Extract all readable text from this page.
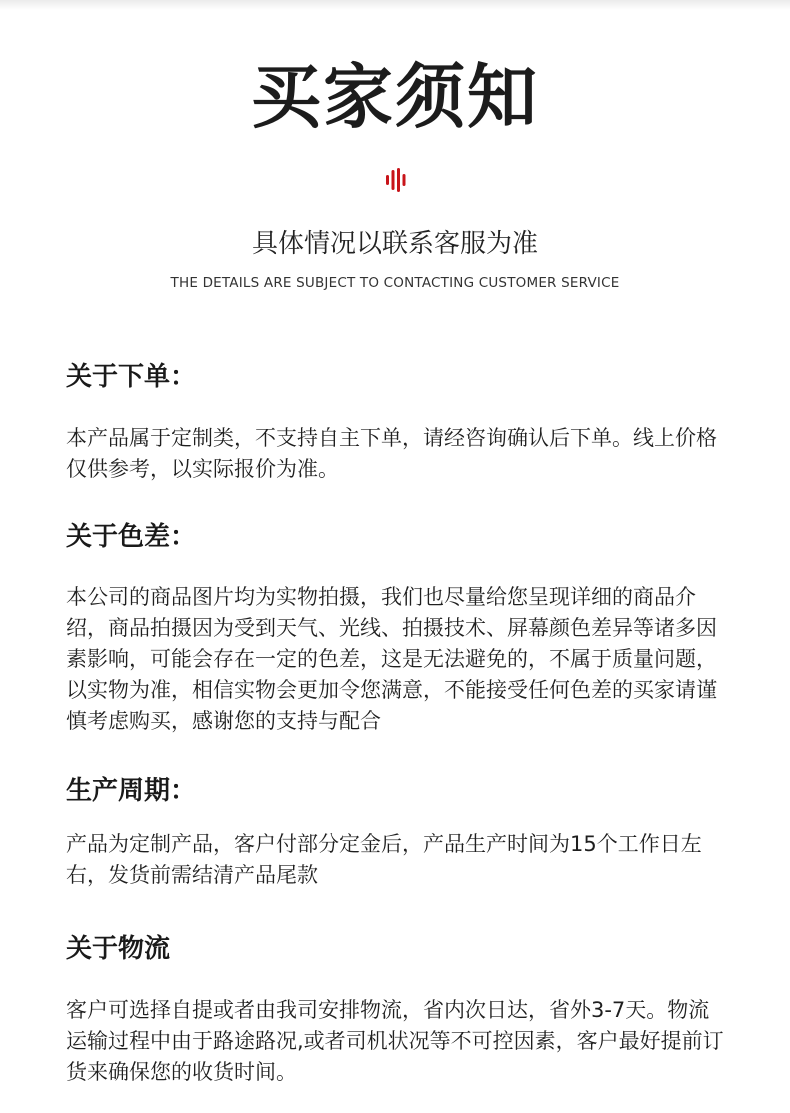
买家须知

具体情况以联系客服为准

THE DETAILS ARE SUBJECT TO CONTACTING CUSTOMER SERVICE

关于下单：

本产品属于定制类，不支持自主下单，请经咨询确认后下单。线上价格仅供参考，以实际报价为准。

关于色差：

本公司的商品图片均为实物拍摄，我们也尽量给您呈现详细的商品介绍，商品拍摄因为受到天气、光线、拍摄技术、屏幕颜色差异等诸多因素影响，可能会存在一定的色差，这是无法避免的，不属于质量问题，以实物为准，相信实物会更加令您满意，不能接受任何色差的买家请谨慎考虑购买，感谢您的支持与配合

生产周期：

产品为定制产品，客户付部分定金后，产品生产时间为15个工作日左右，发货前需结清产品尾款

关于物流

客户可选择自提或者由我司安排物流，省内次日达，省外3-7天。物流运输过程中由于路途路况,或者司机状况等不可控因素，客户最好提前订货来确保您的收货时间。
